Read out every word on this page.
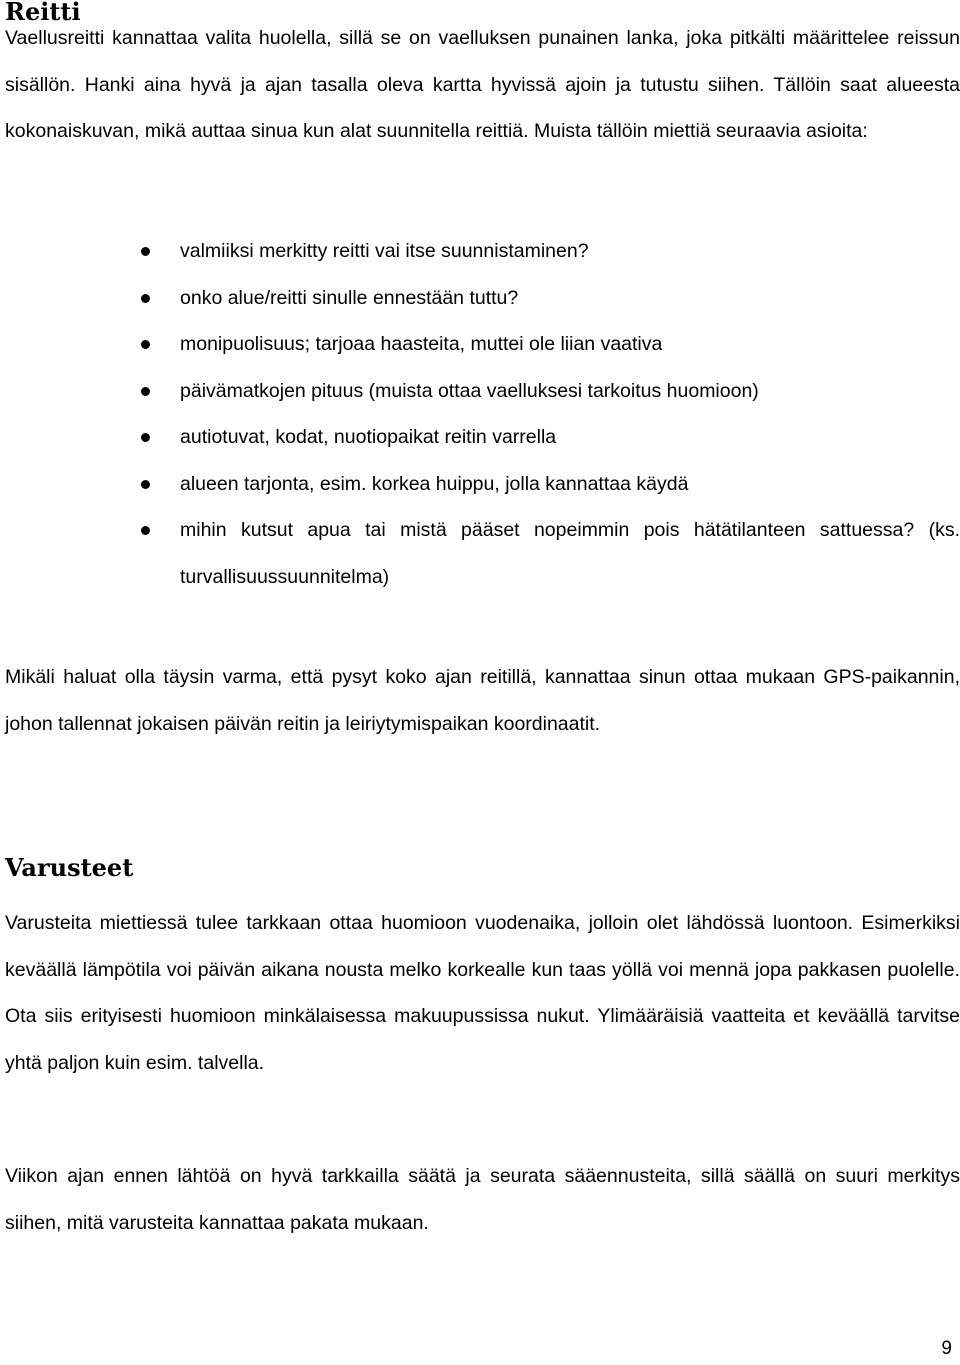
Reitti

Vaellusreitti kannattaa valita huolella, sillä se on vaelluksen punainen lanka, joka pitkälti määrittelee reissun sisällön. Hanki aina hyvä ja ajan tasalla oleva kartta hyvissä ajoin ja tutustu siihen. Tällöin saat alueesta kokonaiskuvan, mikä auttaa sinua kun alat suunnitella reittiä. Muista tällöin miettiä seuraavia asioita:

valmiiksi merkitty reitti vai itse suunnistaminen?
onko alue/reitti sinulle ennestään tuttu?
monipuolisuus; tarjoaa haasteita, muttei ole liian vaativa
päivämatkojen pituus (muista ottaa vaelluksesi tarkoitus huomioon)
autiotuvat, kodat, nuotiopaikat reitin varrella
alueen tarjonta, esim. korkea huippu, jolla kannattaa käydä
mihin kutsut apua tai mistä pääset nopeimmin pois hätätilanteen sattuessa? (ks. turvallisuussuunnitelma)

Mikäli haluat olla täysin varma, että pysyt koko ajan reitillä, kannattaa sinun ottaa mukaan GPS-paikannin, johon tallennat jokaisen päivän reitin ja leiriytymispaikan koordinaatit.

Varusteet

Varusteita miettiessä tulee tarkkaan ottaa huomioon vuodenaika, jolloin olet lähdössä luontoon. Esimerkiksi keväällä lämpötila voi päivän aikana nousta melko korkealle kun taas yöllä voi mennä jopa pakkasen puolelle. Ota siis erityisesti huomioon minkälaisessa makuupussissa nukut. Ylimääräisiä vaatteita et keväällä tarvitse yhtä paljon kuin esim. talvella.

Viikon ajan ennen lähtöä on hyvä tarkkailla säätä ja seurata sääennusteita, sillä säällä on suuri merkitys siihen, mitä varusteita kannattaa pakata mukaan.

9
